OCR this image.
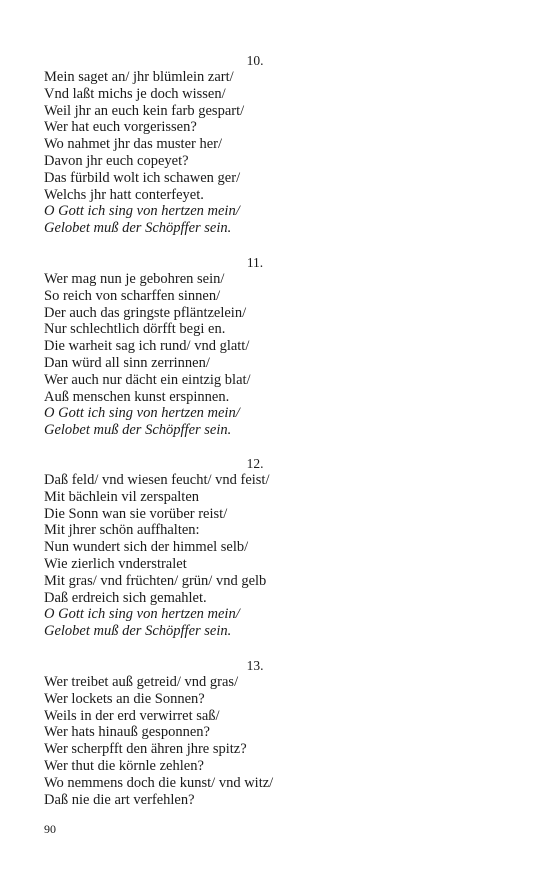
10.
Mein saget an/ jhr blümlein zart/
Vnd laßt michs je doch wissen/
Weil jhr an euch kein farb gespart/
Wer hat euch vorgerissen?
Wo nahmet jhr das muster her/
Davon jhr euch copeyet?
Das fürbild wolt ich schawen ger/
Welchs jhr hatt conterfeyet.
O Gott ich sing von hertzen mein/
Gelobet muß der Schöpffer sein.
11.
Wer mag nun je gebohren sein/
So reich von scharffen sinnen/
Der auch das gringste pfläntzelein/
Nur schlechtlich dörfft begi en.
Die warheit sag ich rund/ vnd glatt/
Dan würd all sinn zerrinnen/
Wer auch nur dächt ein eintzig blat/
Auß menschen kunst erspinnen.
O Gott ich sing von hertzen mein/
Gelobet muß der Schöpffer sein.
12.
Daß feld/ vnd wiesen feucht/ vnd feist/
Mit bächlein vil zerspalten
Die Sonn wan sie vorüber reist/
Mit jhrer schön auffhalten:
Nun wundert sich der himmel selb/
Wie zierlich vnderstralet
Mit gras/ vnd früchten/ grün/ vnd gelb
Daß erdreich sich gemahlet.
O Gott ich sing von hertzen mein/
Gelobet muß der Schöpffer sein.
13.
Wer treibet auß getreid/ vnd gras/
Wer lockets an die Sonnen?
Weils in der erd verwirret saß/
Wer hats hinauß gesponnen?
Wer scherpfft den ähren jhre spitz?
Wer thut die körnle zehlen?
Wo nemmens doch die kunst/ vnd witz/
Daß nie die art verfehlen?
90
